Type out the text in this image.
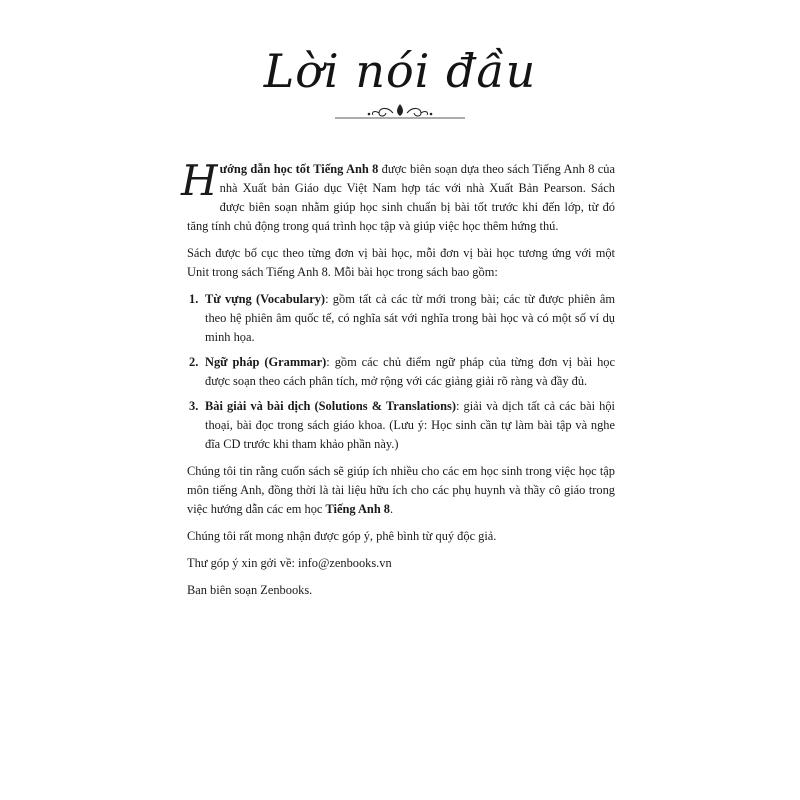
Lời nói đầu

Hướng dẫn học tốt Tiếng Anh 8 được biên soạn dựa theo sách Tiếng Anh 8 của nhà Xuất bản Giáo dục Việt Nam hợp tác với nhà Xuất Bản Pearson. Sách được biên soạn nhằm giúp học sinh chuẩn bị bài tốt trước khi đến lớp, từ đó tăng tính chủ động trong quá trình học tập và giúp việc học thêm hứng thú.

Sách được bố cục theo từng đơn vị bài học, mỗi đơn vị bài học tương ứng với một Unit trong sách Tiếng Anh 8. Mỗi bài học trong sách bao gồm:

1. Từ vựng (Vocabulary): gồm tất cả các từ mới trong bài; các từ được phiên âm theo hệ phiên âm quốc tế, có nghĩa sát với nghĩa trong bài học và có một số ví dụ minh họa.
2. Ngữ pháp (Grammar): gồm các chủ điểm ngữ pháp của từng đơn vị bài học được soạn theo cách phân tích, mở rộng với các giảng giải rõ ràng và đầy đủ.
3. Bài giải và bài dịch (Solutions & Translations): giải và dịch tất cả các bài hội thoại, bài đọc trong sách giáo khoa. (Lưu ý: Học sinh cần tự làm bài tập và nghe đĩa CD trước khi tham khảo phần này.)

Chúng tôi tin rằng cuốn sách sẽ giúp ích nhiều cho các em học sinh trong việc học tập môn tiếng Anh, đồng thời là tài liệu hữu ích cho các phụ huynh và thầy cô giáo trong việc hướng dẫn các em học Tiếng Anh 8.

Chúng tôi rất mong nhận được góp ý, phê bình từ quý độc giả.

Thư góp ý xin gởi về: info@zenbooks.vn

Ban biên soạn Zenbooks.
